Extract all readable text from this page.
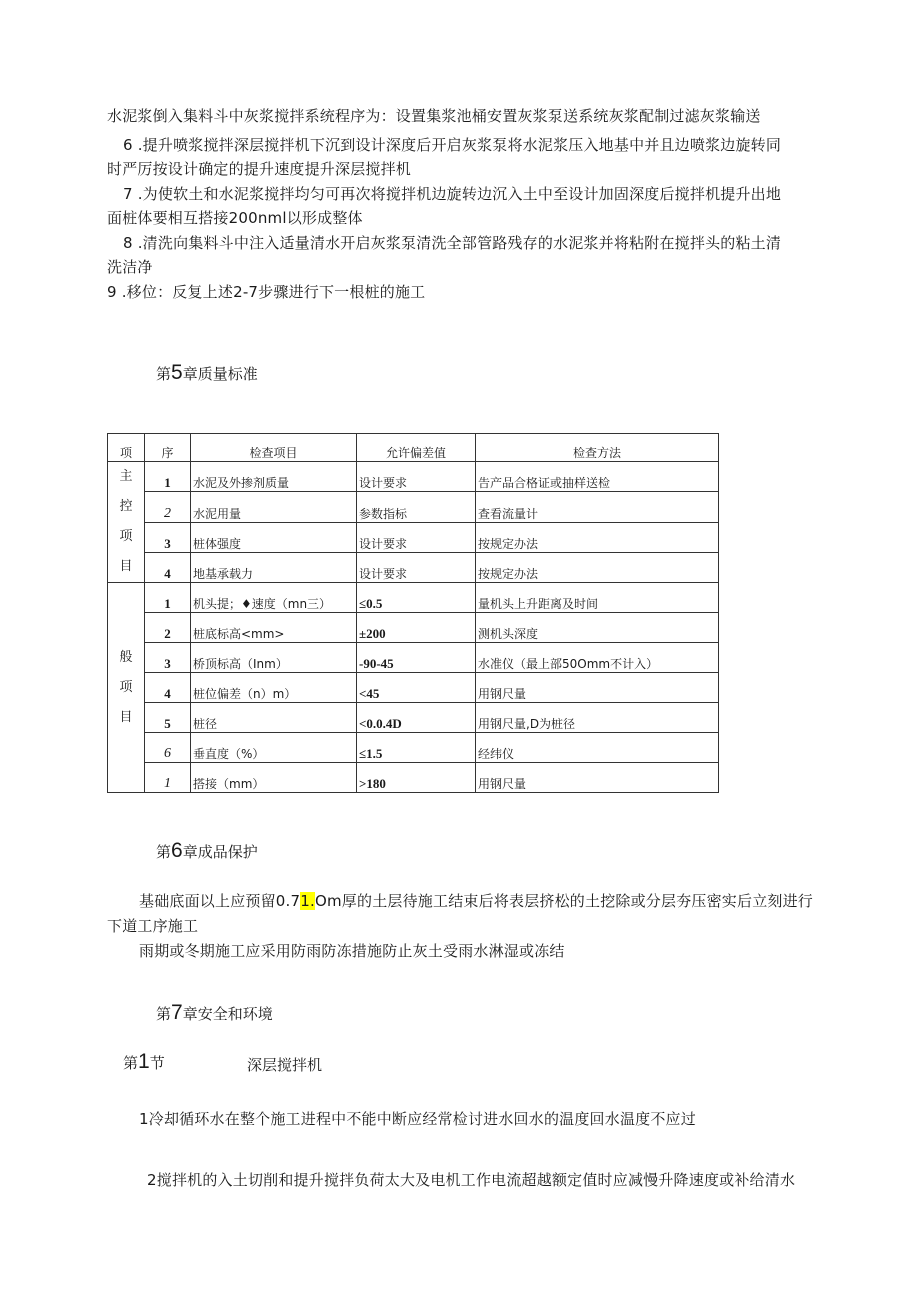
水泥浆倒入集料斗中灰浆搅拌系统程序为：设置集浆池桶安置灰浆泵送系统灰浆配制过滤灰浆输送
6 .提升喷浆搅拌深层搅拌机下沉到设计深度后开启灰浆泵将水泥浆压入地基中并且边喷浆边旋转同
时严厉按设计确定的提升速度提升深层搅拌机
7 .为使软土和水泥浆搅拌均匀可再次将搅拌机边旋转边沉入土中至设计加固深度后搅拌机提升出地
面桩体要相互搭接200nml以形成整体
8 .清洗向集料斗中注入适量清水开启灰浆泵清洗全部管路残存的水泥浆并将粘附在搅拌头的粘土清
洗洁净
9 .移位：反复上述2-7步骤进行下一根桩的施工
第5章质量标准
项	序	检查项目	允许偏差值	检查方法

主
控
项
目	1	水泥及外掺剂质量	设计要求	告产品合格证或抽样送检
	2	水泥用量	参数指标	查看流量计
	3	桩体强度	设计要求	按规定办法
	4	地基承载力	设计要求	按规定办法

般
项
目	1	机头提；♦速度（mn三）	≤0.5	量机头上升距离及时间
	2	桩底标高<mm>	±200	测机头深度
	3	桥顶标高（Inm）	-90-45	水准仪（最上部50Omm不计入）
	4	桩位偏差（n）m）	<45	用钢尺量
	5	桩径	<0.0.4D	用钢尺量,D为桩径
	6	垂直度（%）	≤1.5	经纬仪
	1	搭接（mm）	>180	用钢尺量
第6章成品保护
基础底面以上应预留0.71.Om厚的土层待施工结束后将表层挤松的土挖除或分层夯压密实后立刻进行
下道工序施工
雨期或冬期施工应采用防雨防冻措施防止灰土受雨水淋湿或冻结
第7章安全和环境
第1节	深层搅拌机
1冷却循环水在整个施工进程中不能中断应经常检讨进水回水的温度回水温度不应过
2搅拌机的入土切削和提升搅拌负荷太大及电机工作电流超越额定值时应减慢升降速度或补给清水
